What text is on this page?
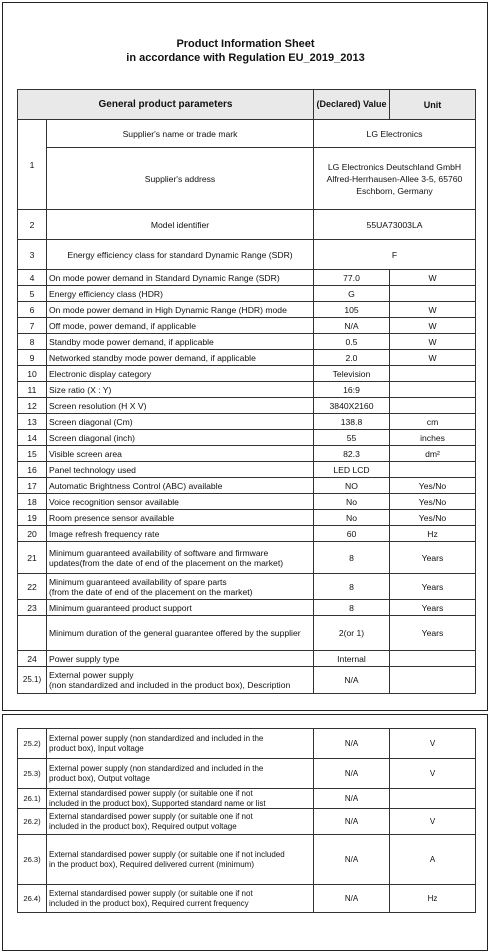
Product Information Sheet
in accordance with Regulation EU_2019_2013
General product parameters		(Declared) Value	Unit
1	Supplier's name or trade mark	LG Electronics	
	Supplier's address	LG Electronics Deutschland GmbH
Alfred-Herrhausen-Allee 3-5, 65760
Eschborn, Germany	

2	Model identifier	55UA73003LA	
3	Energy efficiency class for standard Dynamic Range (SDR)	F	
4	On mode power demand in Standard Dynamic Range (SDR)	77.0	W
5	Energy efficiency class (HDR)	G	
6	On mode power demand in High Dynamic Range (HDR) mode	105	W
7	Off mode, power demand, if applicable	N/A	W
8	Standby mode power demand, if applicable	0.5	W
9	Networked standby mode power demand, if applicable	2.0	W
10	Electronic display category	Television	
11	Size ratio (X : Y)	16:9	
12	Screen resolution (H X V)	3840X2160	
13	Screen diagonal (Cm)	138.8	cm
14	Screen diagonal (inch)	55	inches
15	Visible screen area	82.3	dm²
16	Panel technology used	LED LCD	
17	Automatic Brightness Control (ABC) available	NO	Yes/No
18	Voice recognition sensor available	No	Yes/No
19	Room presence sensor available	No	Yes/No
20	Image refresh frequency rate	60	Hz
21	Minimum guaranteed availability of software and firmware
updates(from the date of end of the placement on the market)	8	Years
22	Minimum guaranteed availability of spare parts
(from the date of end of the placement on the market)	8	Years
23	Minimum guaranteed product support	8	Years
	Minimum duration of the general guarantee offered by the supplier	2(or 1)	Years
24	Power supply type	Internal	
25.1)	External power supply
(non standardized and included in the product box), Description	N/A	
25.2)	External power supply (non standardized and included in the
product box), Input voltage	N/A	V
25.3)	External power supply (non standardized and included in the
product box), Output voltage	N/A	V
26.1)	External standardised power supply (or suitable one if not
included in the product box), Supported standard name or list	N/A	
26.2)	External standardised power supply (or suitable one if not
included in the product box), Required output voltage	N/A	V
26.3)	External standardised power supply (or suitable one if not included
in the product box), Required delivered current (minimum)	N/A	A
26.4)	External standardised power supply (or suitable one if not
included in the product box), Required current frequency	N/A	Hz
